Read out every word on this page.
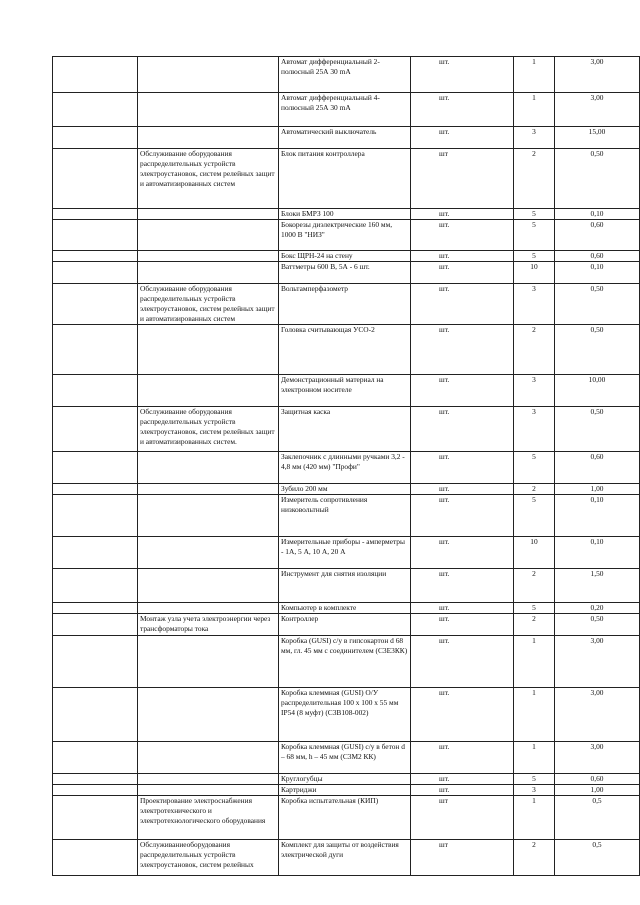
		Автомат дифференциальный 2-полюсный 25А 30 mA	шт.	1	3,00
		Автомат дифференциальный 4-полюсный 25А 30 mA	шт.	1	3,00
		Автоматический выключатель	шт.	3	15,00
	Обслуживание оборудования распределительных устройств электроустановок, систем релейных защит и автоматизированных систем	Блок питания контроллера	шт	2	0,50
		Блоки БМРЗ 100	шт.	5	0,10
		Бокорезы диэлектрические 160 мм, 1000 В "НИЗ"	шт.	5	0,60
		Бокс ЩРН-24 на стену	шт.	5	0,60
		Ваттметры 600 В, 5А - 6 шт.	шт.	10	0,10
	Обслуживание оборудования распределительных устройств электроустановок, систем релейных защит и автоматизированных систем	Вольтамперфазометр	шт.	3	0,50
		Головка считывающая УСО-2	шт.	2	0,50
		Демонстрационный материал на электронном носителе	шт.	3	10,00
	Обслуживание оборудования распределительных устройств электроустановок, систем релейных защит и автоматизированных систем.	Защитная каска	шт.	3	0,50
		Заклепочник с длинными ручками 3,2 - 4,8 мм (420 мм) "Профи"	шт.	5	0,60
		Зубило 200 мм	шт.	2	1,00
		Измеритель сопротивления низковольтный	шт.	5	0,10
		Измерительные приборы - амперметры - 1А, 5 А, 10 А, 20 А	шт.	10	0,10
		Инструмент для снятия изоляции	шт.	2	1,50
		Компьютер в комплекте	шт.	5	0,20
	Монтаж узла учета электроэнергии через трансформаторы тока	Контроллер	шт.	2	0,50
		Коробка (GUSI) с/у в гипсокартон d 68 мм, гл. 45 мм с соединителем (С3Е3КК)	шт.	1	3,00
		Коробка клеммная (GUSI) О/У распределительная 100 х 100 х 55 мм IP54 (8 муфт) (С3В108-002)	шт.	1	3,00
		Коробка клеммная (GUSI) с/у в бетон d – 68 мм, h – 45 мм (С3М2 КК)	шт.	1	3,00
		Круглогубцы	шт.	5	0,60
		Картриджи	шт.	3	1,00
	Проектирование электроснабжения электротехнического и электротехнологического оборудования	Коробка испытательная (КИП)	шт	1	0,5
	Обслуживаниеоборудования распределительных устройств электроустановок, систем релейных	Комплект для защиты от воздействия электрической дуги	шт	2	0,5
